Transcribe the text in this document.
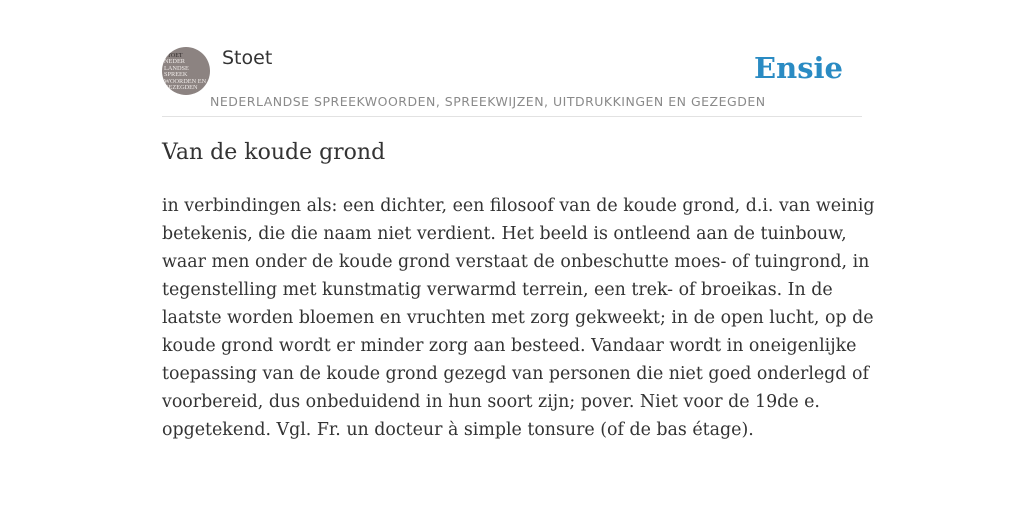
STOET
NEDER
LANDSE
SPREEK
WOORDEN EN
GEZEGDEN
Stoet
NEDERLANDSE SPREEKWOORDEN, SPREEKWIJZEN, UITDRUKKINGEN EN GEZEGDEN
Ensie
Van de koude grond

in verbindingen als: een dichter, een filosoof van de koude grond, d.i. van weinig
betekenis, die die naam niet verdient. Het beeld is ontleend aan de tuinbouw,
waar men onder de koude grond verstaat de onbeschutte moes- of tuingrond, in
tegenstelling met kunstmatig verwarmd terrein, een trek- of broeikas. In de
laatste worden bloemen en vruchten met zorg gekweekt; in de open lucht, op de
koude grond wordt er minder zorg aan besteed. Vandaar wordt in oneigenlijke
toepassing van de koude grond gezegd van personen die niet goed onderlegd of
voorbereid, dus onbeduidend in hun soort zijn; pover. Niet voor de 19de e.
opgetekend. Vgl. Fr. un docteur à simple tonsure (of de bas étage).
